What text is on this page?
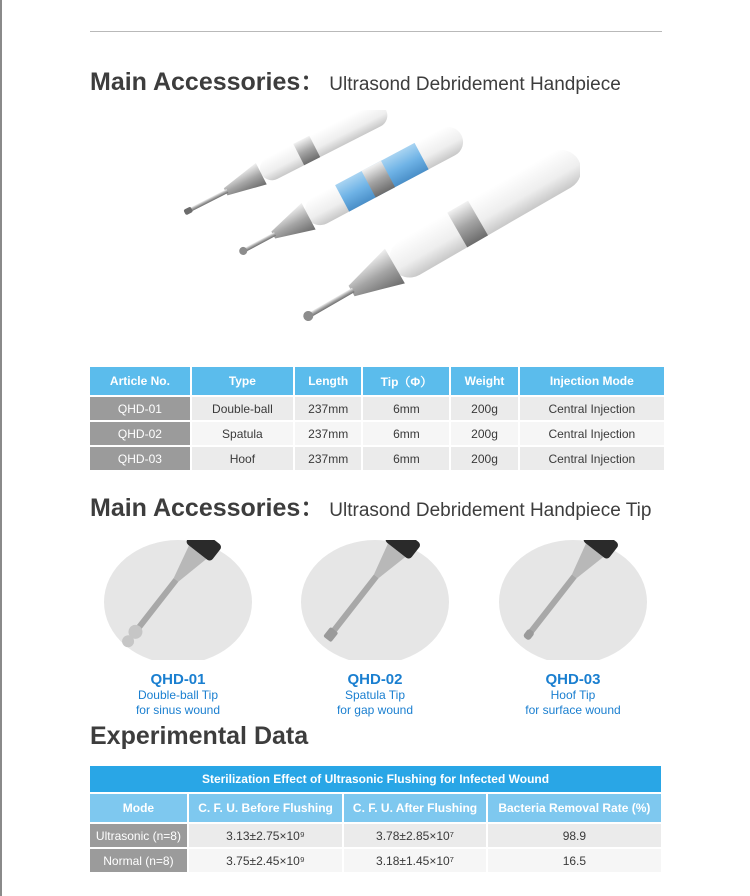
Main Accessories： Ultrasond Debridement Handpiece
Article No.	Type	Length	Tip（Φ）	Weight	Injection Mode
QHD-01	Double-ball	237mm	6mm	200g	Central Injection
QHD-02	Spatula	237mm	6mm	200g	Central Injection
QHD-03	Hoof	237mm	6mm	200g	Central Injection
Main Accessories： Ultrasond Debridement Handpiece Tip
QHD-01
Double-ball Tip
for sinus wound
QHD-02
Spatula Tip
for gap wound
QHD-03
Hoof Tip
for surface wound
Experimental Data
Sterilization Effect of Ultrasonic Flushing for Infected Wound			
Mode	C. F. U. Before Flushing	C. F. U. After Flushing	Bacteria Removal Rate (%)
Ultrasonic (n=8)	3.13±2.75×10⁹	3.78±2.85×10⁷	98.9
Normal (n=8)	3.75±2.45×10⁹	3.18±1.45×10⁷	16.5
